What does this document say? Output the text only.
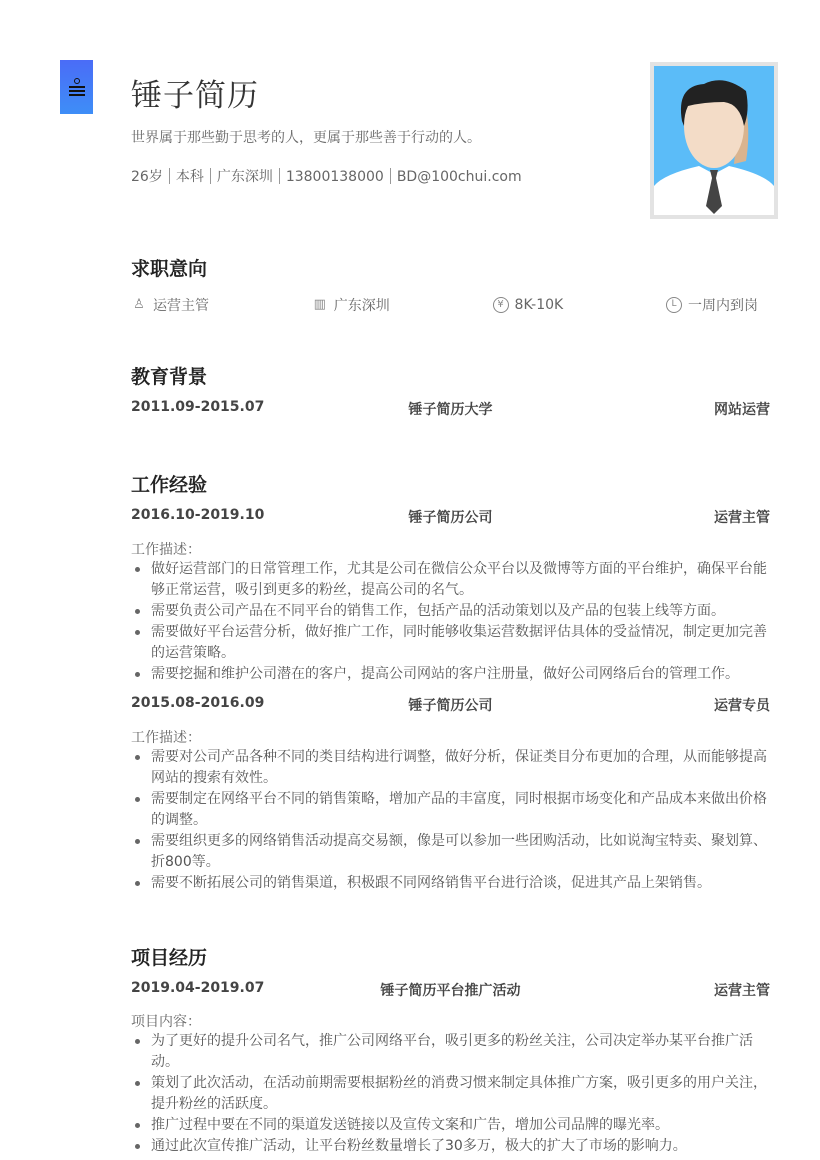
锤子简历
世界属于那些勤于思考的人，更属于那些善于行动的人。
26岁 本科 广东深圳 13800138000 BD@100chui.com
求职意向
♙ 运营主管	▥ 广东深圳	¥ 8K-10K	L 一周内到岗
教育背景
2011.09-2015.07	锤子简历大学	网站运营
工作经验
2016.10-2019.10	锤子简历公司	运营主管
工作描述：
做好运营部门的日常管理工作，尤其是公司在微信公众平台以及微博等方面的平台维护，确保平台能够正常运营，吸引到更多的粉丝，提高公司的名气。
需要负责公司产品在不同平台的销售工作，包括产品的活动策划以及产品的包装上线等方面。
需要做好平台运营分析，做好推广工作，同时能够收集运营数据评估具体的受益情况，制定更加完善的运营策略。
需要挖掘和维护公司潜在的客户，提高公司网站的客户注册量，做好公司网络后台的管理工作。
2015.08-2016.09	锤子简历公司	运营专员
工作描述：
需要对公司产品各种不同的类目结构进行调整，做好分析，保证类目分布更加的合理，从而能够提高网站的搜索有效性。
需要制定在网络平台不同的销售策略，增加产品的丰富度，同时根据市场变化和产品成本来做出价格的调整。
需要组织更多的网络销售活动提高交易额，像是可以参加一些团购活动，比如说淘宝特卖、聚划算、折800等。
需要不断拓展公司的销售渠道，积极跟不同网络销售平台进行洽谈，促进其产品上架销售。
项目经历
2019.04-2019.07	锤子简历平台推广活动	运营主管
项目内容：
为了更好的提升公司名气，推广公司网络平台，吸引更多的粉丝关注，公司决定举办某平台推广活动。
策划了此次活动，在活动前期需要根据粉丝的消费习惯来制定具体推广方案，吸引更多的用户关注，提升粉丝的活跃度。
推广过程中要在不同的渠道发送链接以及宣传文案和广告，增加公司品牌的曝光率。
通过此次宣传推广活动，让平台粉丝数量增长了30多万，极大的扩大了市场的影响力。
